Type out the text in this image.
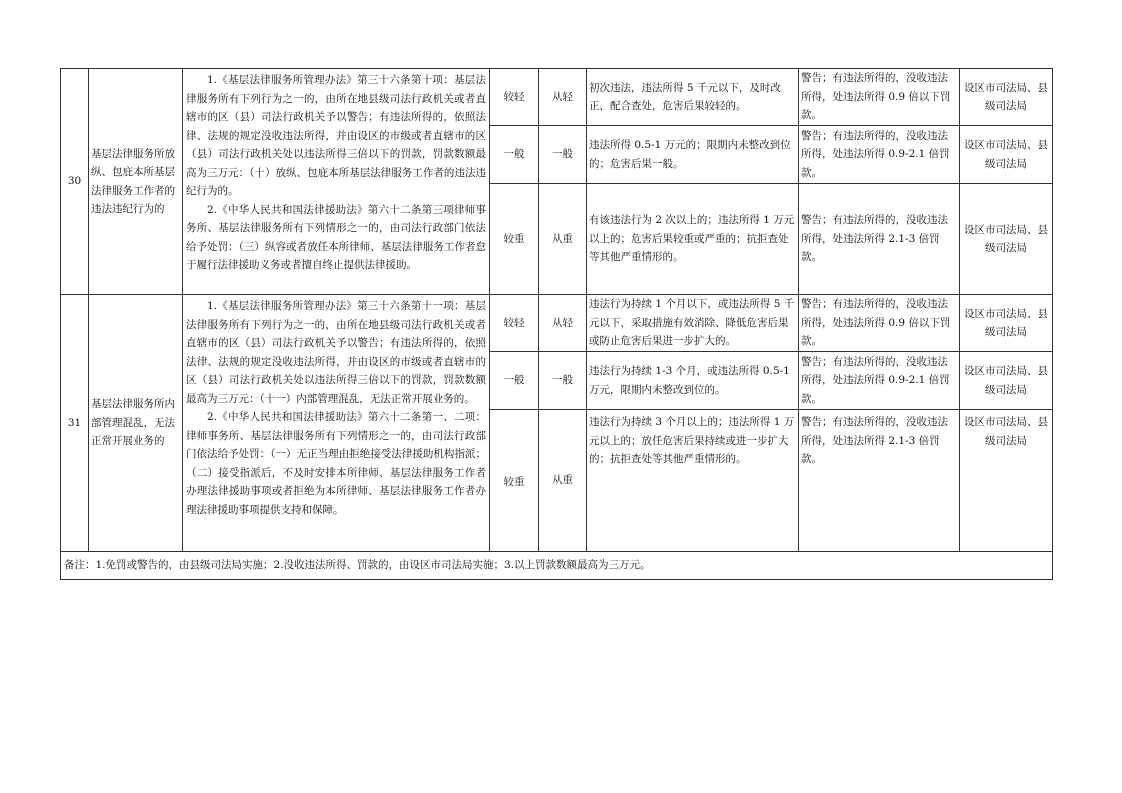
30	基层法律服务所放纵、包庇本所基层法律服务工作者的违法违纪行为的	1.《基层法律服务所管理办法》第三十六条第十项：基层法律服务所有下列行为之一的，由所在地县级司法行政机关或者直辖市的区（县）司法行政机关予以警告；有违法所得的，依照法律、法规的规定没收违法所得，并由设区的市级或者直辖市的区（县）司法行政机关处以违法所得三倍以下的罚款，罚款数额最高为三万元：（十）放纵、包庇本所基层法律服务工作者的违法违纪行为的。

2.《中华人民共和国法律援助法》第六十二条第三项律师事务所、基层法律服务所有下列情形之一的，由司法行政部门依法给予处罚：（三）纵容或者放任本所律师、基层法律服务工作者怠于履行法律援助义务或者擅自终止提供法律援助。	较轻	从轻	初次违法，违法所得 5 千元以下，及时改正，配合查处，危害后果较轻的。	警告；有违法所得的，没收违法所得，处违法所得 0.9 倍以下罚款。	设区市司法局、县级司法局
			一般	一般	违法所得 0.5-1 万元的；限期内未整改到位的；危害后果一般。	警告；有违法所得的，没收违法所得，处违法所得 0.9-2.1 倍罚款。	设区市司法局、县级司法局
			较重	从重	有该违法行为 2 次以上的；违法所得 1 万元以上的；危害后果较重或严重的；抗拒查处等其他严重情形的。	警告；有违法所得的，没收违法所得，处违法所得 2.1-3 倍罚款。	设区市司法局、县级司法局
31	基层法律服务所内部管理混乱，无法正常开展业务的	1.《基层法律服务所管理办法》第三十六条第十一项：基层法律服务所有下列行为之一的，由所在地县级司法行政机关或者直辖市的区（县）司法行政机关予以警告；有违法所得的，依照法律、法规的规定没收违法所得，并由设区的市级或者直辖市的区（县）司法行政机关处以违法所得三倍以下的罚款，罚款数额最高为三万元：（十一）内部管理混乱，无法正常开展业务的。

2.《中华人民共和国法律援助法》第六十二条第一、二项：律师事务所、基层法律服务所有下列情形之一的，由司法行政部门依法给予处罚：（一）无正当理由拒绝接受法律援助机构指派；（二）接受指派后，不及时安排本所律师、基层法律服务工作者办理法律援助事项或者拒绝为本所律师、基层法律服务工作者办理法律援助事项提供支持和保障。	较轻	从轻	违法行为持续 1 个月以下，或违法所得 5 千元以下，采取措施有效消除、降低危害后果或防止危害后果进一步扩大的。	警告；有违法所得的，没收违法所得，处违法所得 0.9 倍以下罚款。	设区市司法局、县级司法局
			一般	一般	违法行为持续 1-3 个月，或违法所得 0.5-1 万元，限期内未整改到位的。	警告；有违法所得的，没收违法所得，处违法所得 0.9-2.1 倍罚款。	设区市司法局、县级司法局
			较重	从重	违法行为持续 3 个月以上的；违法所得 1 万元以上的；放任危害后果持续或进一步扩大的；抗拒查处等其他严重情形的。	警告；有违法所得的，没收违法所得，处违法所得 2.1-3 倍罚款。	设区市司法局、县级司法局
备注：1.免罚或警告的，由县级司法局实施；2.没收违法所得、罚款的，由设区市司法局实施；3.以上罚款数额最高为三万元。							
